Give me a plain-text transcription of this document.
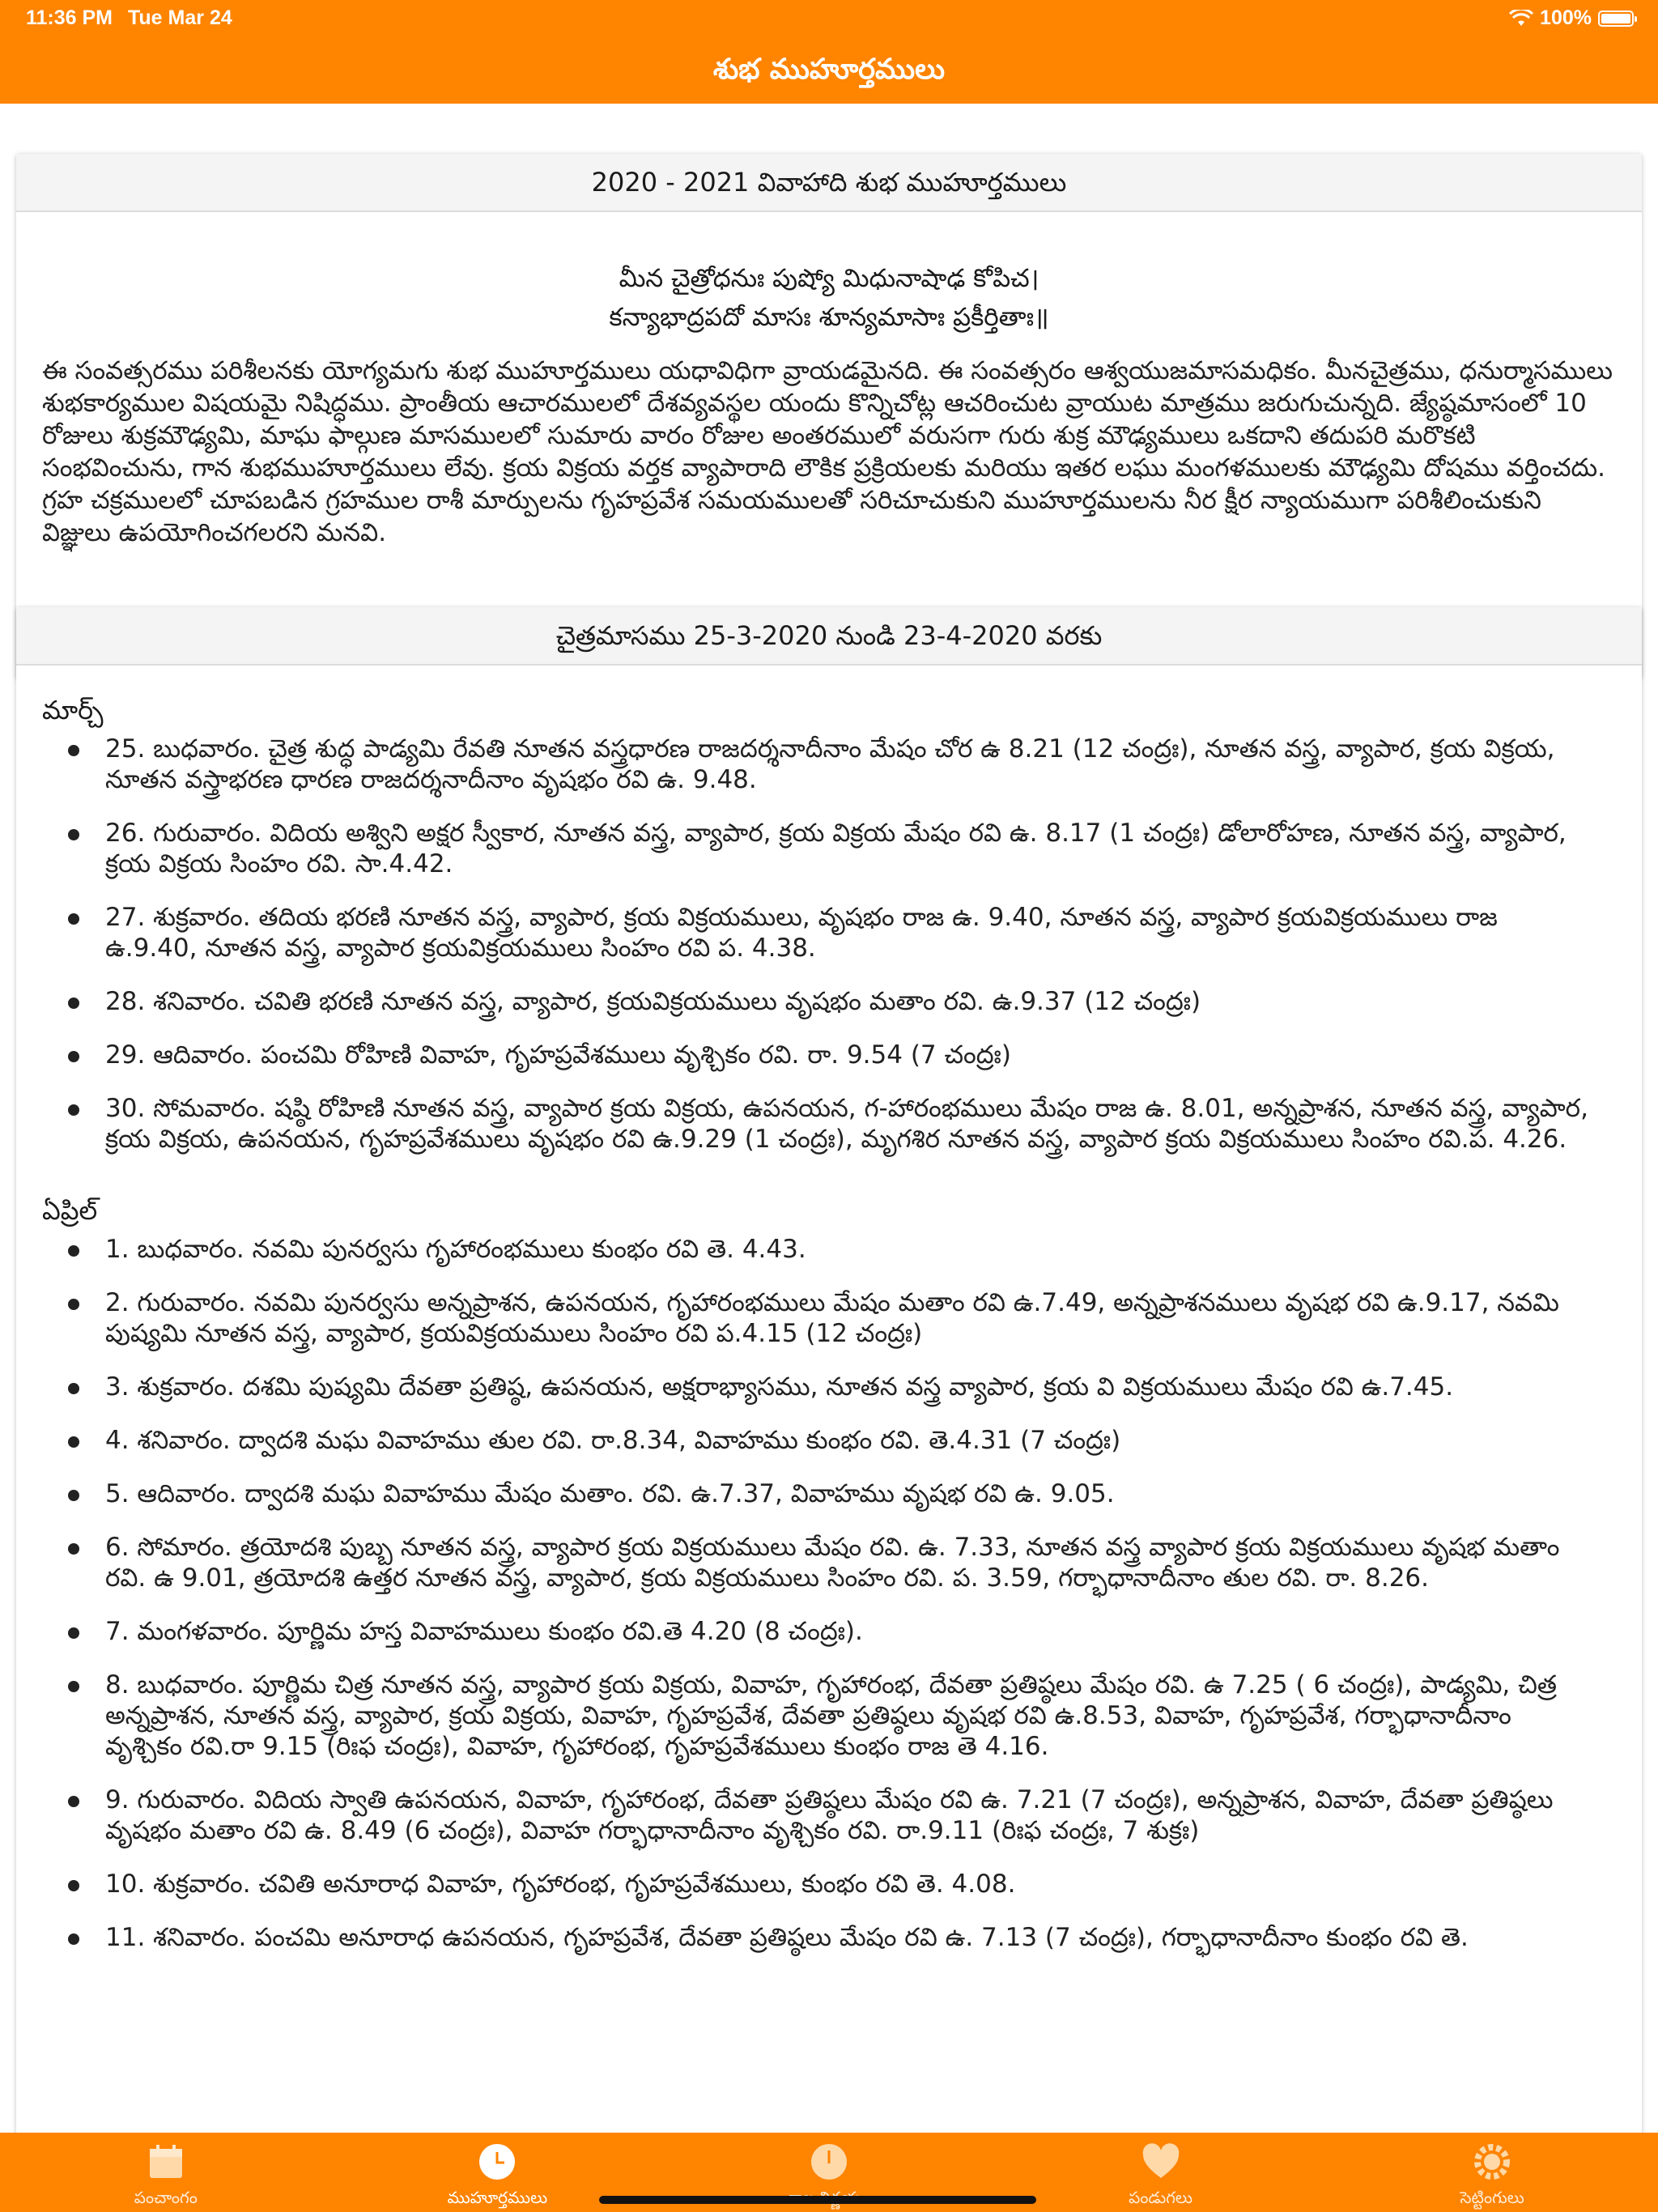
11:36 PM Tue Mar 24	100%
శుభ ముహూర్తములు
2020 - 2021 వివాహాది శుభ ముహూర్తములు
మీన చైత్రోధనుః పుష్యో మిధునాషాఢ కోపిచ।
కన్యాభాద్రపదో మాసః శూన్యమాసాః ప్రకీర్తితాః॥
ఈ సంవత్సరము పరిశీలనకు యోగ్యమగు శుభ ముహూర్తములు యధావిధిగా వ్రాయడమైనది. ఈ సంవత్సరం ఆశ్వయుజమాసమధికం. మీనచైత్రము, ధనుర్మాసములు శుభకార్యముల విషయమై నిషిద్ధము. ప్రాంతీయ ఆచారములలో దేశవ్యవస్థల యందు కొన్నిచోట్ల ఆచరించుట వ్రాయుట మాత్రము జరుగుచున్నది. జ్యేష్ఠమాసంలో 10 రోజులు శుక్రమౌఢ్యమి, మాఘ ఫాల్గుణ మాసములలో సుమారు వారం రోజుల అంతరములో వరుసగా గురు శుక్ర మౌఢ్యములు ఒకదాని తదుపరి మరొకటి సంభవించును, గాన శుభముహూర్తములు లేవు. క్రయ విక్రయ వర్తక వ్యాపారాది లౌకిక ప్రక్రియలకు మరియు ఇతర లఘు మంగళములకు మౌఢ్యమి దోషము వర్తించదు. గ్రహ చక్రములలో చూపబడిన గ్రహముల రాశీ మార్పులను గృహప్రవేశ సమయములతో సరిచూచుకుని ముహూర్తములను నీర క్షీర న్యాయముగా పరిశీలించుకుని విజ్ఞులు ఉపయోగించగలరని మనవి.
చైత్రమాసము 25-3-2020 నుండి 23-4-2020 వరకు
మార్చ్
25. బుధవారం. చైత్ర శుద్ధ పాడ్యమి రేవతి నూతన వస్త్రధారణ రాజదర్శనాదీనాం మేషం చోర ఉ 8.21 (12 చంద్రః), నూతన వస్త్ర, వ్యాపార, క్రయ విక్రయ, నూతన వస్త్రాభరణ ధారణ రాజదర్శనాదీనాం వృషభం రవి ఉ. 9.48.
26. గురువారం. విదియ అశ్విని అక్షర స్వీకార, నూతన వస్త్ర, వ్యాపార, క్రయ విక్రయ మేషం రవి ఉ. 8.17 (1 చంద్రః) డోలారోహణ, నూతన వస్త్ర, వ్యాపార, క్రయ విక్రయ సింహం రవి. సా.4.42.
27. శుక్రవారం. తదియ భరణి నూతన వస్త్ర, వ్యాపార, క్రయ విక్రయములు, వృషభం రాజ ఉ. 9.40, నూతన వస్త్ర, వ్యాపార క్రయవిక్రయములు రాజ ఉ.9.40, నూతన వస్త్ర, వ్యాపార క్రయవిక్రయములు సింహం రవి ప. 4.38.
28. శనివారం. చవితి భరణి నూతన వస్త్ర, వ్యాపార, క్రయవిక్రయములు వృషభం మతాం రవి. ఉ.9.37 (12 చంద్రః)
29. ఆదివారం. పంచమి రోహిణి వివాహ, గృహప్రవేశములు వృశ్చికం రవి. రా. 9.54 (7 చంద్రః)
30. సోమవారం. షష్ఠి రోహిణి నూతన వస్త్ర, వ్యాపార క్రయ విక్రయ, ఉపనయన, గ-హారంభములు మేషం రాజ ఉ. 8.01, అన్నప్రాశన, నూతన వస్త్ర, వ్యాపార, క్రయ విక్రయ, ఉపనయన, గృహప్రవేశములు వృషభం రవి ఉ.9.29 (1 చంద్రః), మృగశిర నూతన వస్త్ర, వ్యాపార క్రయ విక్రయములు సింహం రవి.ప. 4.26.
ఏప్రిల్
1. బుధవారం. నవమి పునర్వసు గృహారంభములు కుంభం రవి తె. 4.43.
2. గురువారం. నవమి పునర్వసు అన్నప్రాశన, ఉపనయన, గృహారంభములు మేషం మతాం రవి ఉ.7.49, అన్నప్రాశనములు వృషభ రవి ఉ.9.17, నవమి పుష్యమి నూతన వస్త్ర, వ్యాపార, క్రయవిక్రయములు సింహం రవి ప.4.15 (12 చంద్రః)
3. శుక్రవారం. దశమి పుష్యమి దేవతా ప్రతిష్ఠ, ఉపనయన, అక్షరాభ్యాసము, నూతన వస్త్ర వ్యాపార, క్రయ వి విక్రయములు మేషం రవి ఉ.7.45.
4. శనివారం. ద్వాదశి మఘ వివాహము తుల రవి. రా.8.34, వివాహము కుంభం రవి. తె.4.31 (7 చంద్రః)
5. ఆదివారం. ద్వాదశి మఘ వివాహము మేషం మతాం. రవి. ఉ.7.37, వివాహము వృషభ రవి ఉ. 9.05.
6. సోమారం. త్రయోదశి పుబ్బ నూతన వస్త్ర, వ్యాపార క్రయ విక్రయములు మేషం రవి. ఉ. 7.33, నూతన వస్త్ర వ్యాపార క్రయ విక్రయములు వృషభ మతాం రవి. ఉ 9.01, త్రయోదశి ఉత్తర నూతన వస్త్ర, వ్యాపార, క్రయ విక్రయములు సింహం రవి. ప. 3.59, గర్భాధానాదీనాం తుల రవి. రా. 8.26.
7. మంగళవారం. పూర్ణిమ హస్త వివాహములు కుంభం రవి.తె 4.20 (8 చంద్రః).
8. బుధవారం. పూర్ణిమ చిత్ర నూతన వస్త్ర, వ్యాపార క్రయ విక్రయ, వివాహ, గృహారంభ, దేవతా ప్రతిష్ఠలు మేషం రవి. ఉ 7.25 ( 6 చంద్రః), పాడ్యమి, చిత్ర అన్నప్రాశన, నూతన వస్త్ర, వ్యాపార, క్రయ విక్రయ, వివాహ, గృహప్రవేశ, దేవతా ప్రతిష్ఠలు వృషభ రవి ఉ.8.53, వివాహ, గృహప్రవేశ, గర్భాధానాదీనాం వృశ్చికం రవి.రా 9.15 (రిఃఫ చంద్రః), వివాహ, గృహారంభ, గృహప్రవేశములు కుంభం రాజ తె 4.16.
9. గురువారం. విదియ స్వాతి ఉపనయన, వివాహ, గృహారంభ, దేవతా ప్రతిష్ఠలు మేషం రవి ఉ. 7.21 (7 చంద్రః), అన్నప్రాశన, వివాహ, దేవతా ప్రతిష్ఠలు వృషభం మతాం రవి ఉ. 8.49 (6 చంద్రః), వివాహ గర్భాధానాదీనాం వృశ్చికం రవి. రా.9.11 (రిఃఫ చంద్రః, 7 శుక్రః)
10. శుక్రవారం. చవితి అనూరాధ వివాహ, గృహారంభ, గృహప్రవేశములు, కుంభం రవి తె. 4.08.
11. శనివారం. పంచమి అనూరాధ ఉపనయన, గృహప్రవేశ, దేవతా ప్రతిష్ఠలు మేషం రవి ఉ. 7.13 (7 చంద్రః), గర్భాధానాదీనాం కుంభం రవి తె.
పంచాంగం	ముహూర్తములు	పండుగలు	సెట్టింగులు
